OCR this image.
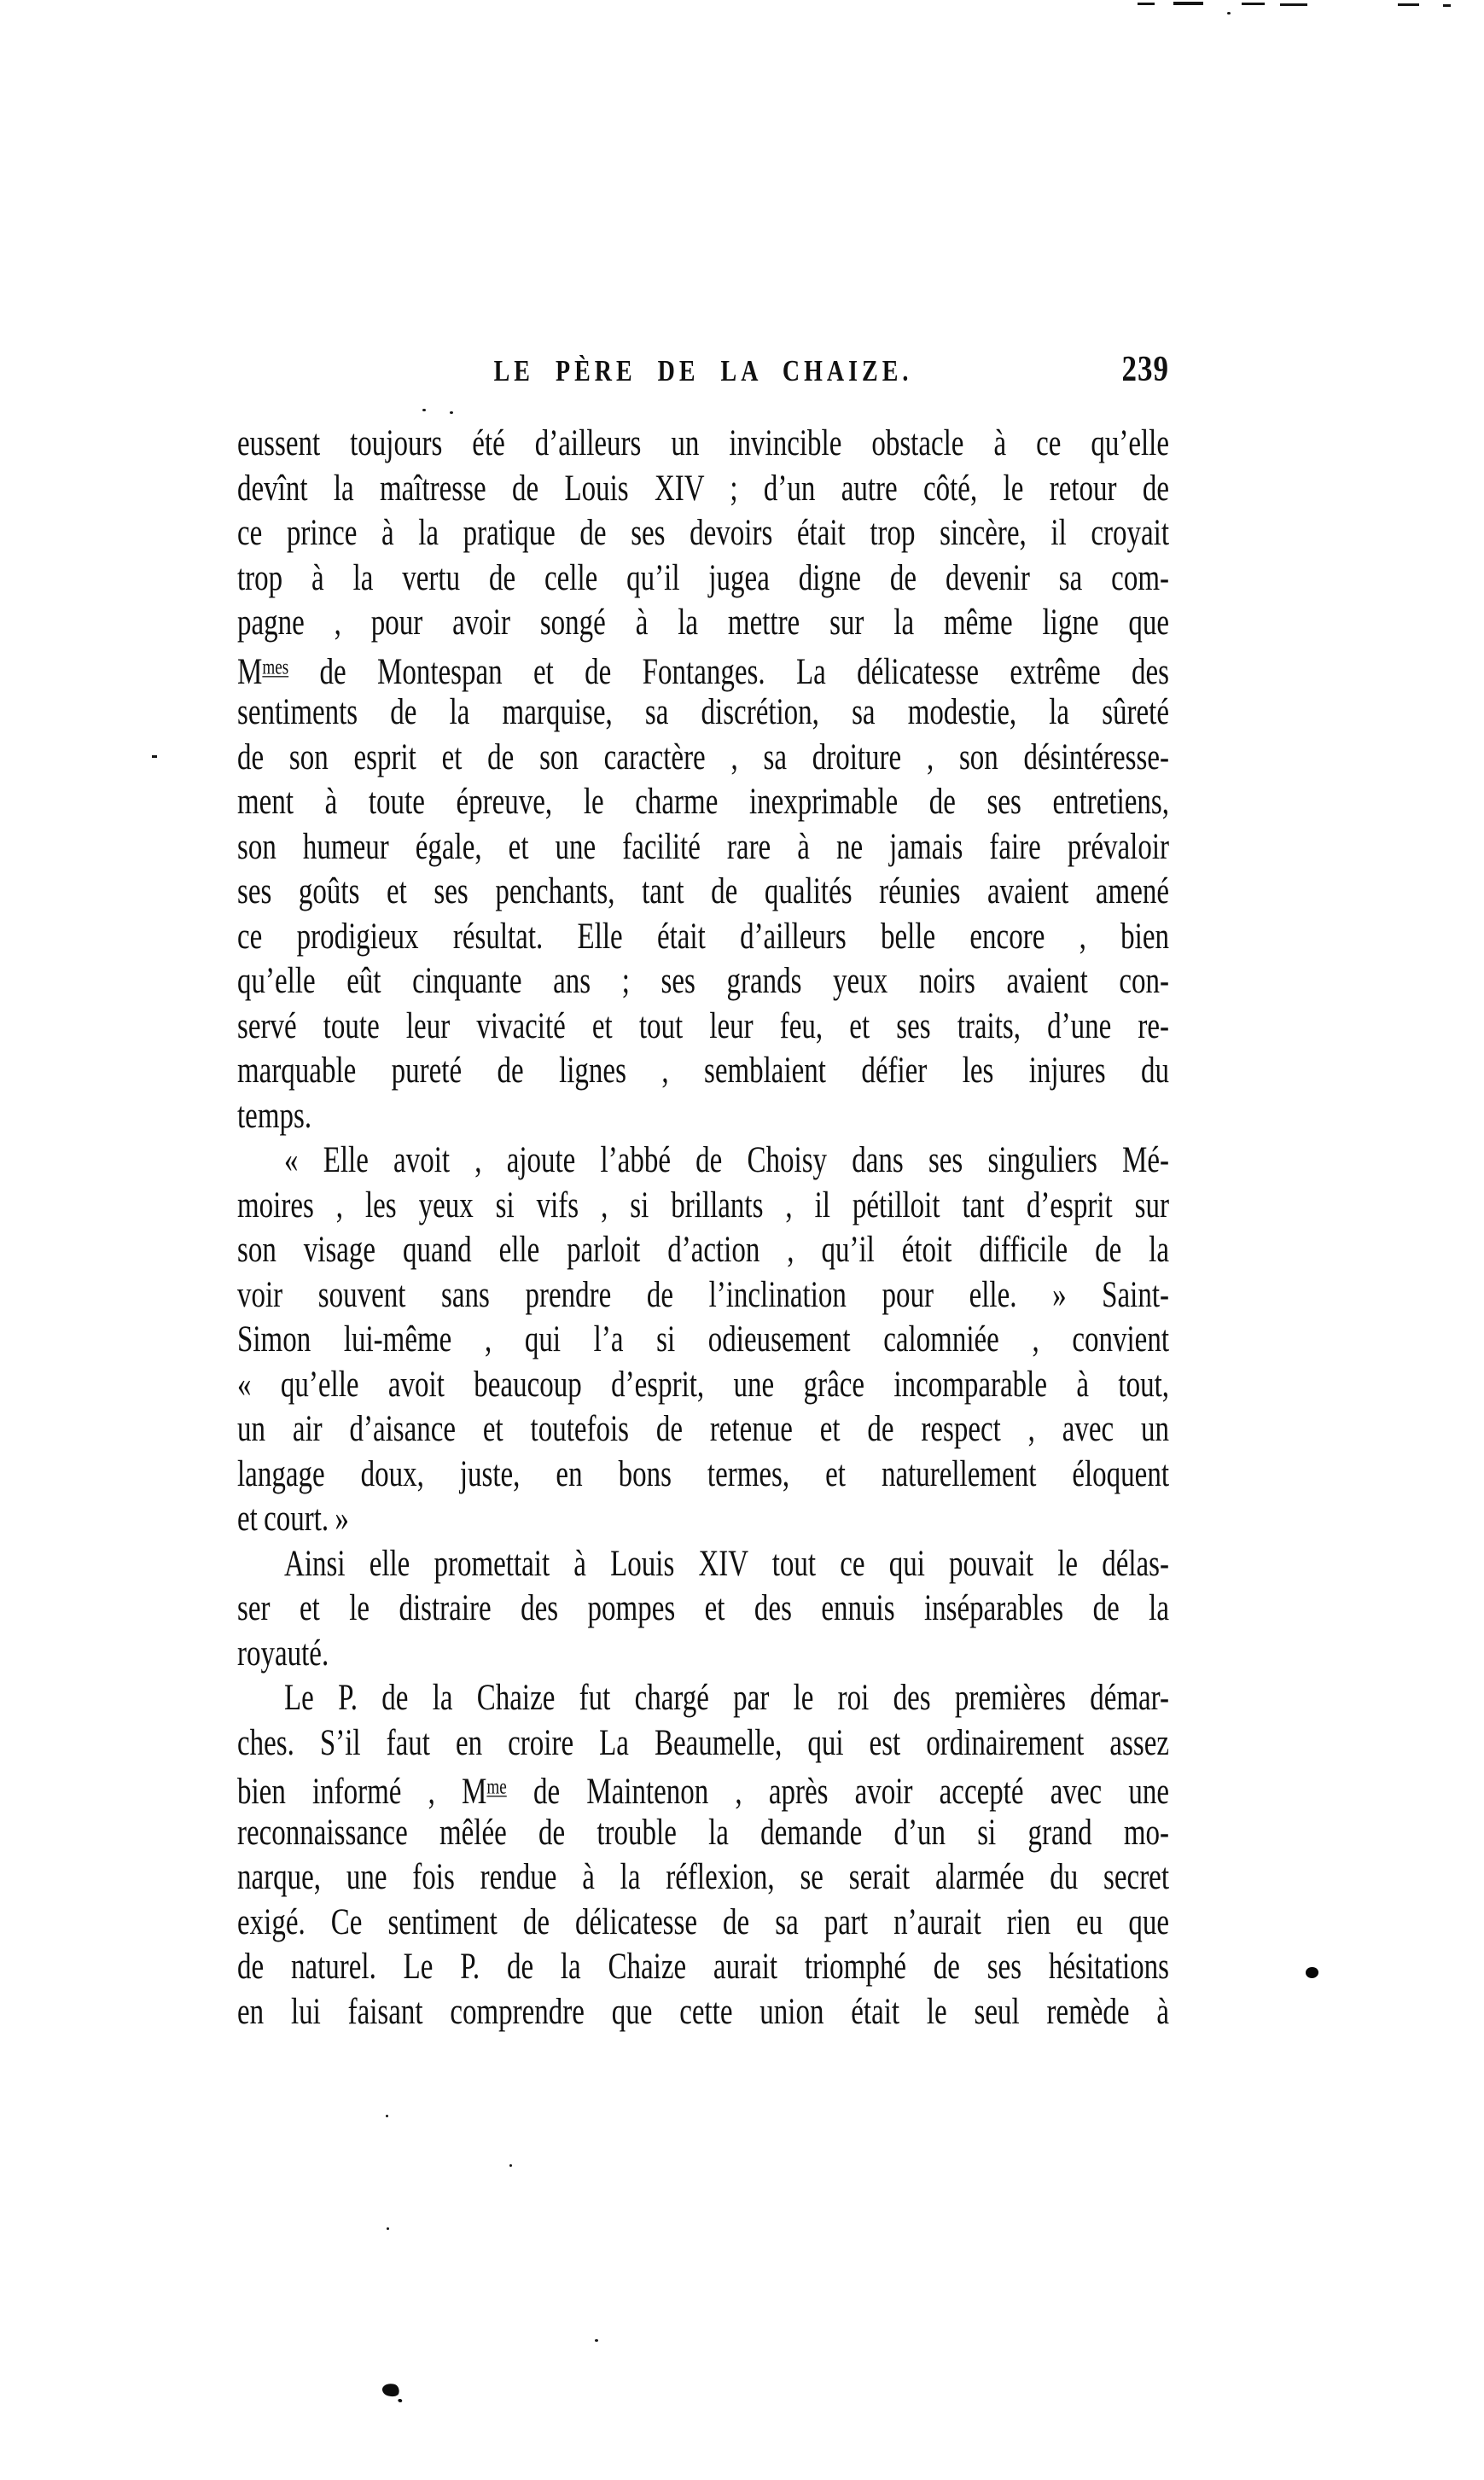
LE PÈRE DE LA CHAIZE.	239
eussent toujours été d’ailleurs un invincible obstacle à ce qu’elle
devînt la maîtresse de Louis XIV ; d’un autre côté, le retour de
ce prince à la pratique de ses devoirs était trop sincère, il croyait
trop à la vertu de celle qu’il jugea digne de devenir sa com-
pagne , pour avoir songé à la mettre sur la même ligne que
$M^{mes}$ de Montespan et de Fontanges. La délicatesse extrême des
sentiments de la marquise, sa discrétion, sa modestie, la sûreté
de son esprit et de son caractère , sa droiture , son désintéresse-
ment à toute épreuve, le charme inexprimable de ses entretiens,
son humeur égale, et une facilité rare à ne jamais faire prévaloir
ses goûts et ses penchants, tant de qualités réunies avaient amené
ce prodigieux résultat. Elle était d’ailleurs belle encore , bien
qu’elle eût cinquante ans ; ses grands yeux noirs avaient con-
servé toute leur vivacité et tout leur feu, et ses traits, d’une re-
marquable pureté de lignes , semblaient défier les injures du
temps.
« Elle avoit , ajoute l’abbé de Choisy dans ses singuliers Mé-
moires , les yeux si vifs , si brillants , il pétilloit tant d’esprit sur
son visage quand elle parloit d’action , qu’il étoit difficile de la
voir souvent sans prendre de l’inclination pour elle. » Saint-
Simon lui-même , qui l’a si odieusement calomniée , convient
« qu’elle avoit beaucoup d’esprit, une grâce incomparable à tout,
un air d’aisance et toutefois de retenue et de respect , avec un
langage doux, juste, en bons termes, et naturellement éloquent
et court. »
Ainsi elle promettait à Louis XIV tout ce qui pouvait le délas-
ser et le distraire des pompes et des ennuis inséparables de la
royauté.
Le P. de la Chaize fut chargé par le roi des premières démar-
ches. S’il faut en croire La Beaumelle, qui est ordinairement assez
bien informé , $M^{me}$ de Maintenon , après avoir accepté avec une
reconnaissance mêlée de trouble la demande d’un si grand mo-
narque, une fois rendue à la réflexion, se serait alarmée du secret
exigé. Ce sentiment de délicatesse de sa part n’aurait rien eu que
de naturel. Le P. de la Chaize aurait triomphé de ses hésitations
en lui faisant comprendre que cette union était le seul remède à
